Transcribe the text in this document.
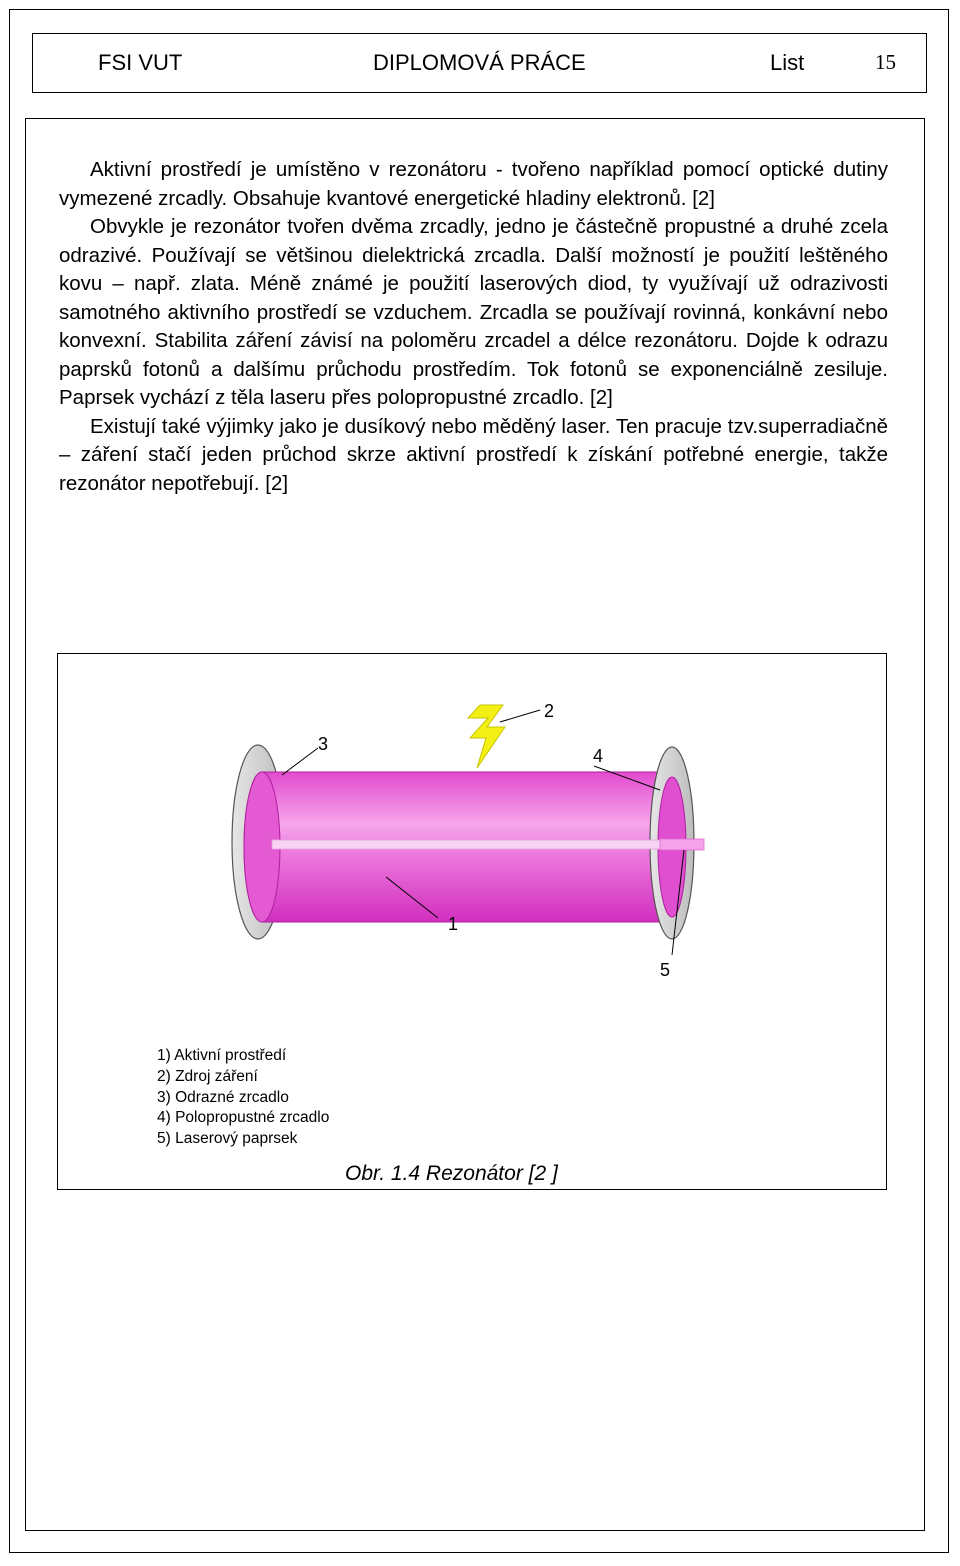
FSI VUT	DIPLOMOVÁ PRÁCE	List	15

Aktivní prostředí je umístěno v rezonátoru - tvořeno například pomocí optické dutiny vymezené zrcadly. Obsahuje kvantové energetické hladiny elektronů. [2]

Obvykle je rezonátor tvořen dvěma zrcadly, jedno je částečně propustné a druhé zcela odrazivé. Používají se většinou dielektrická zrcadla. Další možností je použití leštěného kovu – např. zlata. Méně známé je použití laserových diod, ty využívají už odrazivosti samotného aktivního prostředí se vzduchem. Zrcadla se používají rovinná, konkávní nebo konvexní. Stabilita záření závisí na poloměru zrcadel a délce rezonátoru. Dojde k odrazu paprsků fotonů a dalšímu průchodu prostředím. Tok fotonů se exponenciálně zesiluje. Paprsek vychází z těla laseru přes polopropustné zrcadlo. [2]

Existují také výjimky jako je dusíkový nebo měděný laser. Ten pracuje tzv.superradiačně – záření stačí jeden průchod skrze aktivní prostředí k získání potřebné energie, takže rezonátor nepotřebují. [2]

1
2
3
4
5
1) Aktivní prostředí
2) Zdroj záření
3) Odrazné zrcadlo
4) Polopropustné zrcadlo
5) Laserový paprsek
Obr. 1.4 Rezonátor [2 ]
